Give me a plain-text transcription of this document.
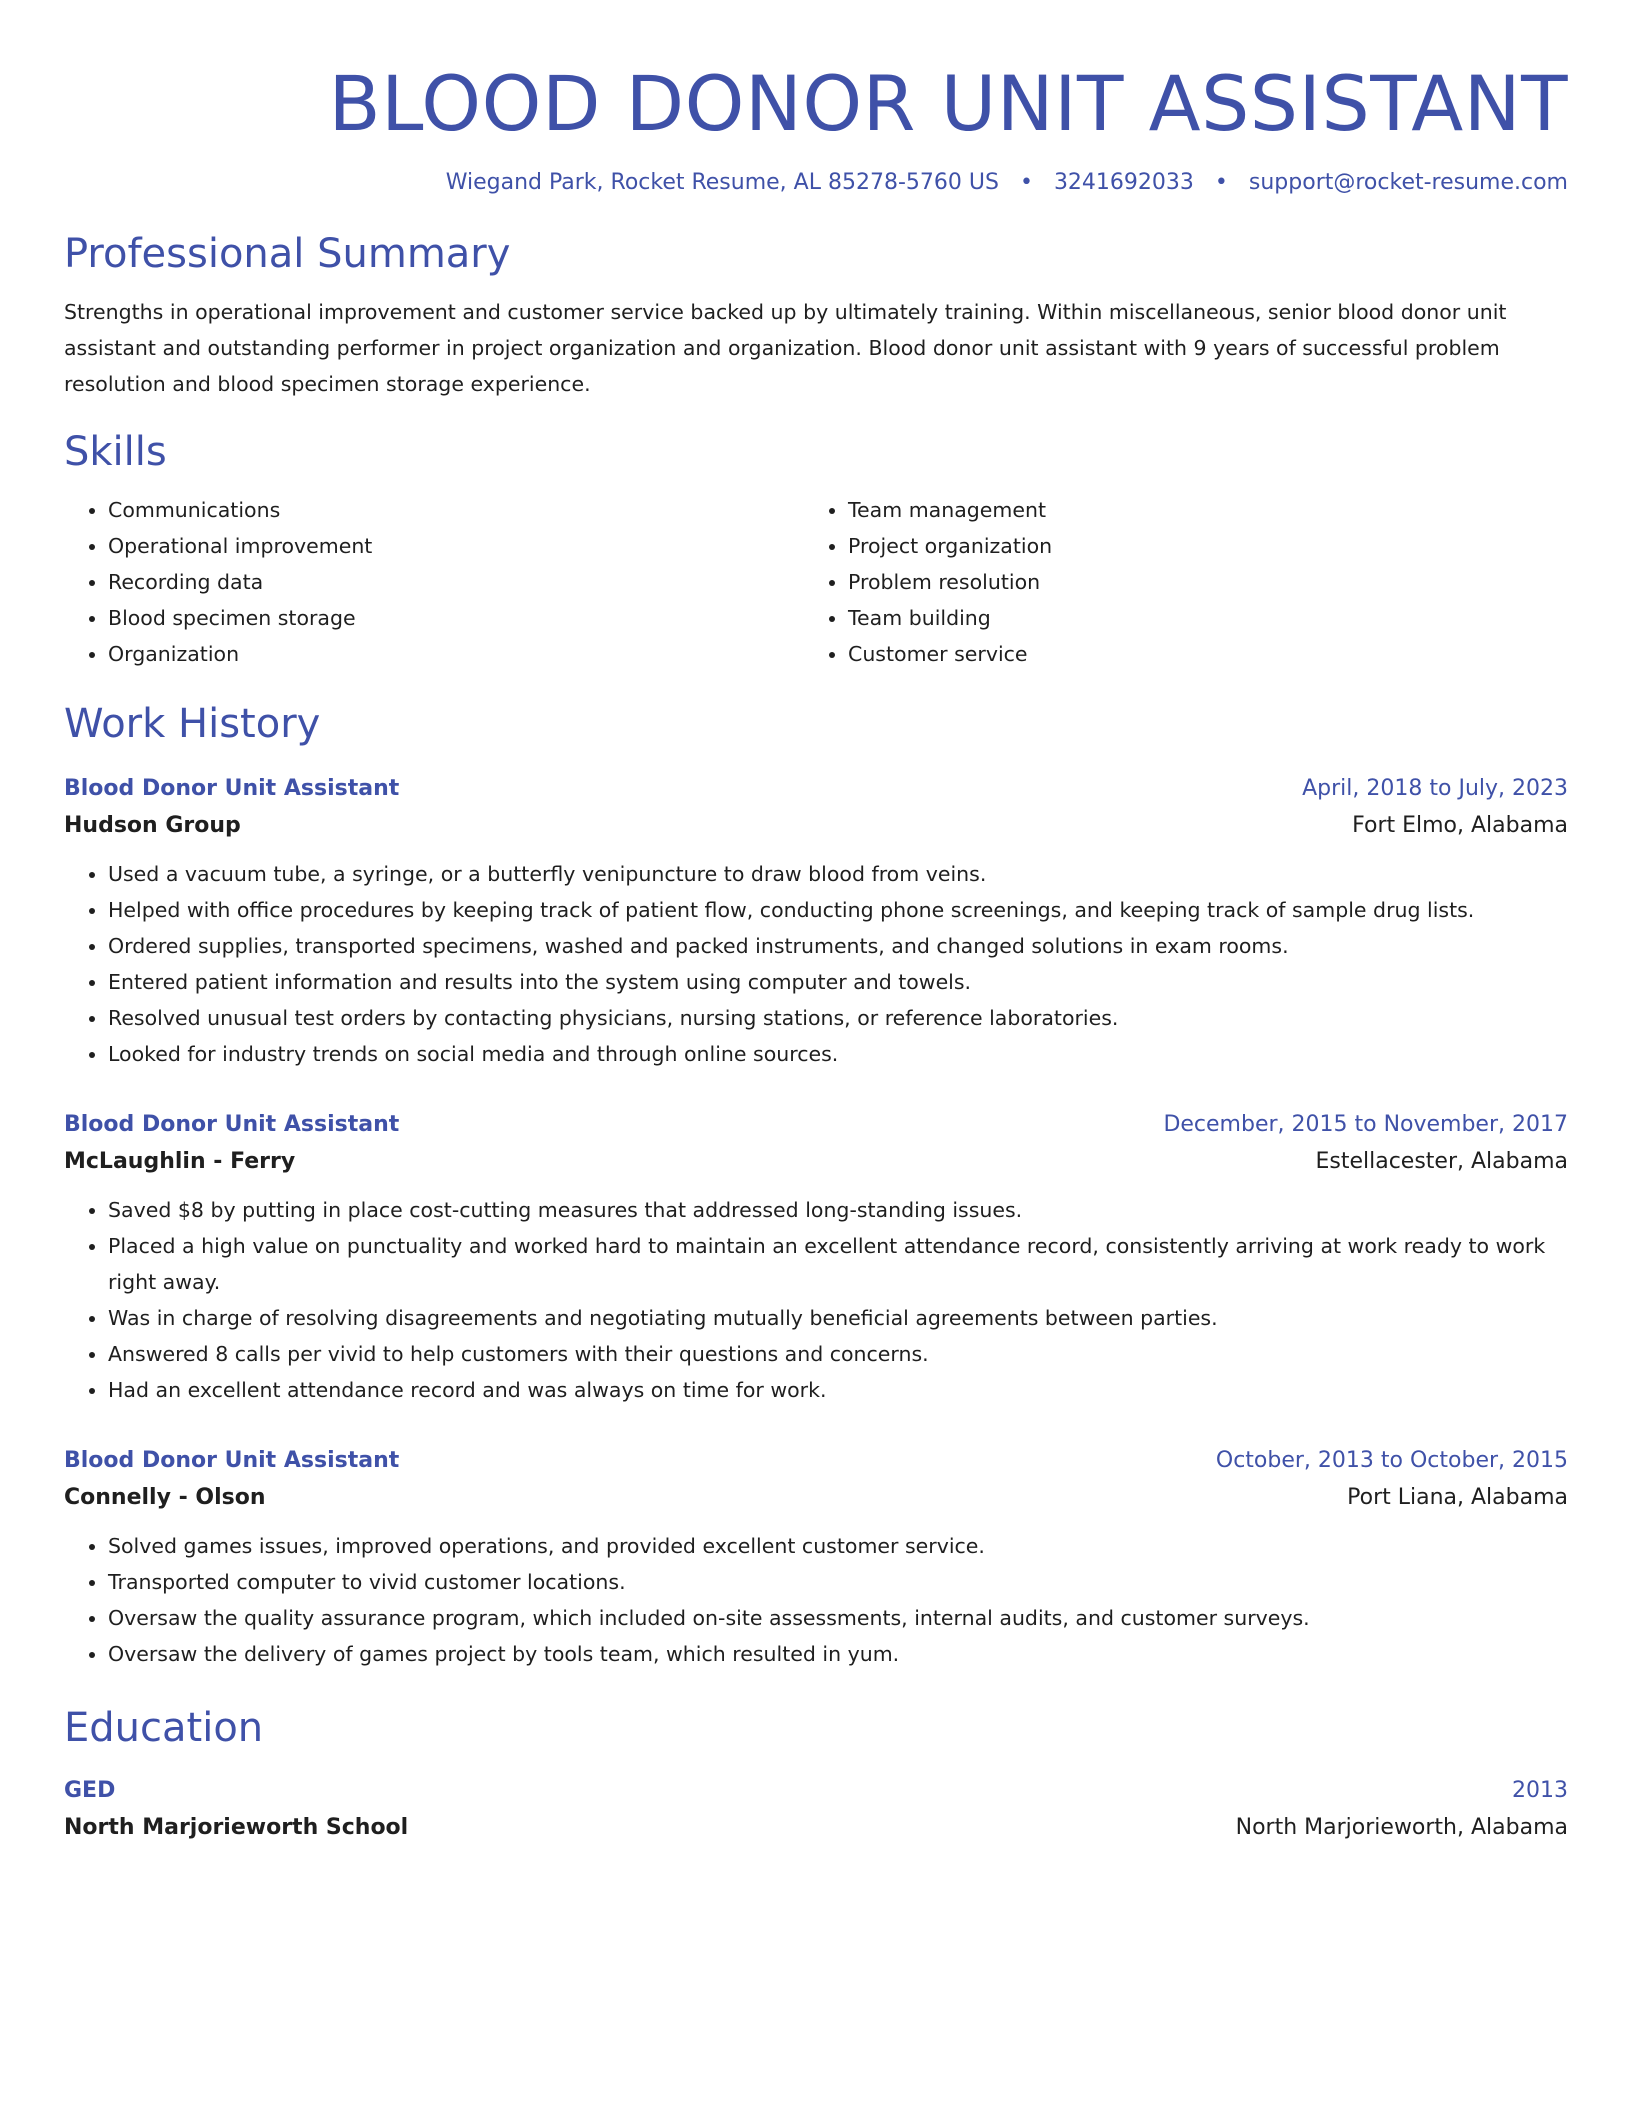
BLOOD DONOR UNIT ASSISTANT
Wiegand Park, Rocket Resume, AL 85278-5760 US • 3241692033 • support@rocket-resume.com
Professional Summary

Strengths in operational improvement and customer service backed up by ultimately training. Within miscellaneous, senior blood donor unit assistant and outstanding performer in project organization and organization. Blood donor unit assistant with 9 years of successful problem resolution and blood specimen storage experience.

Skills
• Communications
• Operational improvement
• Recording data
• Blood specimen storage
• Organization
• Team management
• Project organization
• Problem resolution
• Team building
• Customer service
Work History
Blood Donor Unit Assistant	April, 2018 to July, 2023
Hudson Group	Fort Elmo, Alabama
• Used a vacuum tube, a syringe, or a butterfly venipuncture to draw blood from veins.
• Helped with office procedures by keeping track of patient flow, conducting phone screenings, and keeping track of sample drug lists.
• Ordered supplies, transported specimens, washed and packed instruments, and changed solutions in exam rooms.
• Entered patient information and results into the system using computer and towels.
• Resolved unusual test orders by contacting physicians, nursing stations, or reference laboratories.
• Looked for industry trends on social media and through online sources.
Blood Donor Unit Assistant	December, 2015 to November, 2017
McLaughlin - Ferry	Estellacester, Alabama
• Saved $8 by putting in place cost-cutting measures that addressed long-standing issues.
• Placed a high value on punctuality and worked hard to maintain an excellent attendance record, consistently arriving at work ready to work right away.
• Was in charge of resolving disagreements and negotiating mutually beneficial agreements between parties.
• Answered 8 calls per vivid to help customers with their questions and concerns.
• Had an excellent attendance record and was always on time for work.
Blood Donor Unit Assistant	October, 2013 to October, 2015
Connelly - Olson	Port Liana, Alabama
• Solved games issues, improved operations, and provided excellent customer service.
• Transported computer to vivid customer locations.
• Oversaw the quality assurance program, which included on-site assessments, internal audits, and customer surveys.
• Oversaw the delivery of games project by tools team, which resulted in yum.
Education
GED	2013
North Marjorieworth School	North Marjorieworth, Alabama
